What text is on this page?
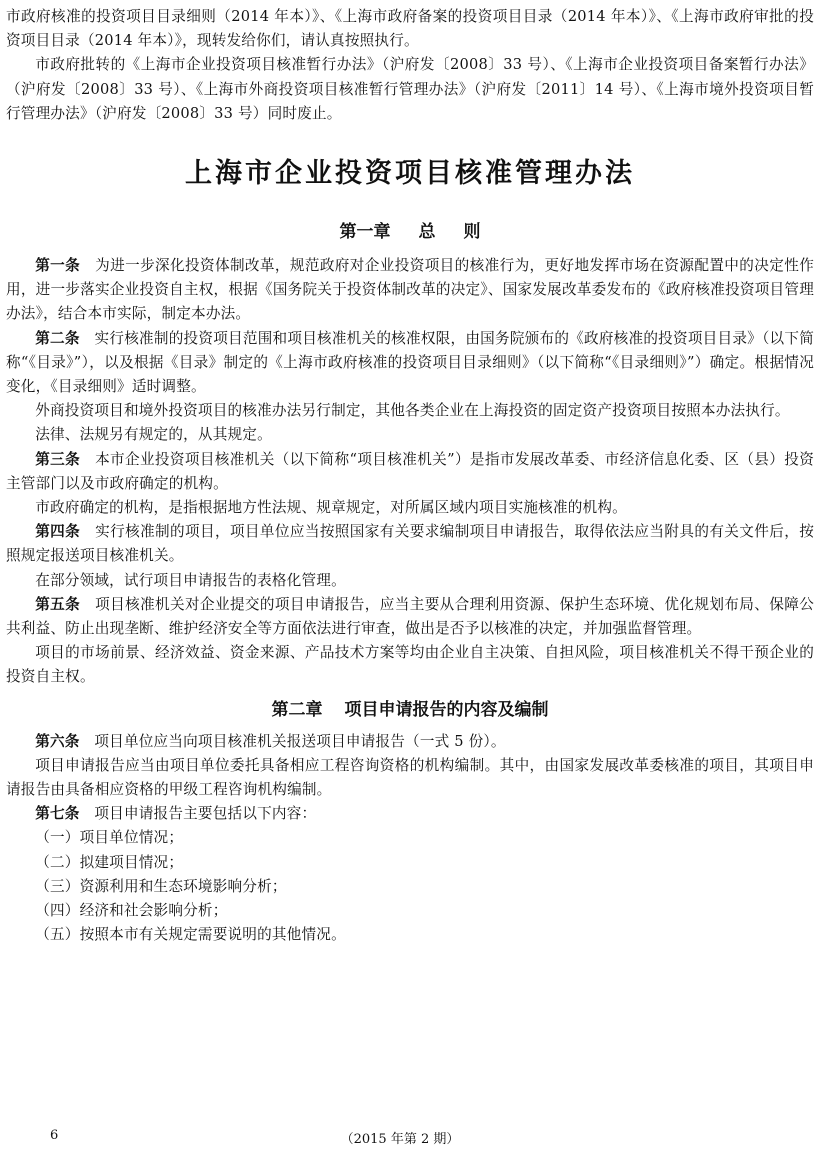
市政府核准的投资项目目录细则（2014 年本）》、《上海市政府备案的投资项目目录（2014 年本）》、《上海市政府审批的投资项目目录（2014 年本）》，现转发给你们，请认真按照执行。

市政府批转的《上海市企业投资项目核准暂行办法》（沪府发〔2008〕33 号）、《上海市企业投资项目备案暂行办法》（沪府发〔2008〕33 号）、《上海市外商投资项目核准暂行管理办法》（沪府发〔2011〕14 号）、《上海市境外投资项目暂行管理办法》（沪府发〔2008〕33 号）同时废止。

上海市企业投资项目核准管理办法
第一章 总 则

第一条　 为进一步深化投资体制改革，规范政府对企业投资项目的核准行为，更好地发挥市场在资源配置中的决定性作用，进一步落实企业投资自主权，根据《国务院关于投资体制改革的决定》、国家发展改革委发布的《政府核准投资项目管理办法》，结合本市实际，制定本办法。

第二条　 实行核准制的投资项目范围和项目核准机关的核准权限，由国务院颁布的《政府核准的投资项目目录》（以下简称“《目录》”），以及根据《目录》制定的《上海市政府核准的投资项目目录细则》（以下简称“《目录细则》”）确定。根据情况变化，《目录细则》适时调整。

外商投资项目和境外投资项目的核准办法另行制定，其他各类企业在上海投资的固定资产投资项目按照本办法执行。

法律、法规另有规定的，从其规定。

第三条　 本市企业投资项目核准机关（以下简称“项目核准机关”）是指市发展改革委、市经济信息化委、区（县）投资主管部门以及市政府确定的机构。

市政府确定的机构，是指根据地方性法规、规章规定，对所属区域内项目实施核准的机构。

第四条　 实行核准制的项目，项目单位应当按照国家有关要求编制项目申请报告，取得依法应当附具的有关文件后，按照规定报送项目核准机关。

在部分领域，试行项目申请报告的表格化管理。

第五条　 项目核准机关对企业提交的项目申请报告，应当主要从合理利用资源、保护生态环境、优化规划布局、保障公共利益、防止出现垄断、维护经济安全等方面依法进行审查，做出是否予以核准的决定，并加强监督管理。

项目的市场前景、经济效益、资金来源、产品技术方案等均由企业自主决策、自担风险，项目核准机关不得干预企业的投资自主权。

第二章 项目申请报告的内容及编制

第六条　 项目单位应当向项目核准机关报送项目申请报告（一式 5 份）。

项目申请报告应当由项目单位委托具备相应工程咨询资格的机构编制。其中，由国家发展改革委核准的项目，其项目申请报告由具备相应资格的甲级工程咨询机构编制。

第七条　 项目申请报告主要包括以下内容：

（一）项目单位情况；

（二）拟建项目情况；

（三）资源利用和生态环境影响分析；

（四）经济和社会影响分析；

（五）按照本市有关规定需要说明的其他情况。

6	（2015 年第 2 期）
